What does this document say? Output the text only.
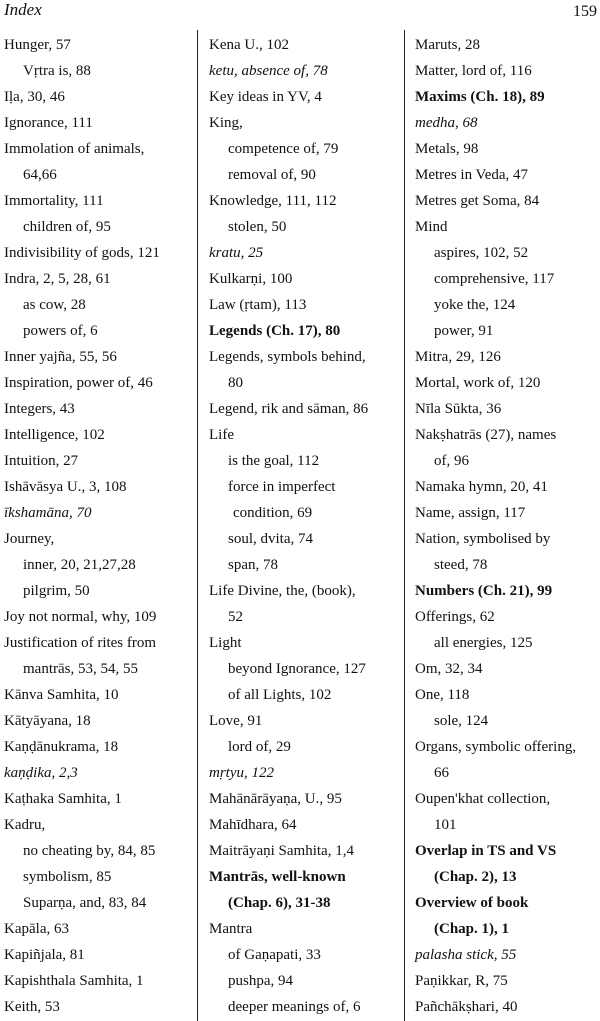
Index	159
Hunger, 57
Vṛtra is, 88
Iḷa, 30, 46
Ignorance, 111
Immolation of animals,
64,66
Immortality, 111
children of, 95
Indivisibility of gods, 121
Indra, 2, 5, 28, 61
as cow, 28
powers of, 6
Inner yajña, 55, 56
Inspiration, power of, 46
Integers, 43
Intelligence, 102
Intuition, 27
Ishāvāsya U., 3, 108
īkshamāna, 70
Journey,
inner, 20, 21,27,28
pilgrim, 50
Joy not normal, why, 109
Justification of rites from
mantrās, 53, 54, 55
Kānva Samhita, 10
Kātyāyana, 18
Kaṇḍānukrama, 18
kaṇḍika, 2,3
Kaṭhaka Samhita, 1
Kadru,
no cheating by, 84, 85
symbolism, 85
Suparṇa, and, 83, 84
Kapāla, 63
Kapiñjala, 81
Kapishthala Samhita, 1
Keith, 53
Kena U., 102
ketu, absence of, 78
Key ideas in YV, 4
King,
competence of, 79
removal of, 90
Knowledge, 111, 112
stolen, 50
kratu, 25
Kulkarṇi, 100
Law (ṛtam), 113
Legends (Ch. 17), 80
Legends, symbols behind,
80
Legend, rik and sāman, 86
Life
is the goal, 112
force in imperfect
condition, 69
soul, dvita, 74
span, 78
Life Divine, the, (book),
52
Light
beyond Ignorance, 127
of all Lights, 102
Love, 91
lord of, 29
mṛtyu, 122
Mahānārāyaṇa, U., 95
Mahīdhara, 64
Maitrāyaṇi Samhita, 1,4
Mantrās, well-known
(Chap. 6), 31-38
Mantra
of Gaṇapati, 33
pushpa, 94
deeper meanings of, 6
Maruts, 28
Matter, lord of, 116
Maxims (Ch. 18), 89
medha, 68
Metals, 98
Metres in Veda, 47
Metres get Soma, 84
Mind
aspires, 102, 52
comprehensive, 117
yoke the, 124
power, 91
Mitra, 29, 126
Mortal, work of, 120
Nīla Sūkta, 36
Nakṣhatrās (27), names
of, 96
Namaka hymn, 20, 41
Name, assign, 117
Nation, symbolised by
steed, 78
Numbers (Ch. 21), 99
Offerings, 62
all energies, 125
Om, 32, 34
One, 118
sole, 124
Organs, symbolic offering,
66
Oupen'khat collection,
101
Overlap in TS and VS
(Chap. 2), 13
Overview of book
(Chap. 1), 1
palasha stick, 55
Paṇikkar, R, 75
Pañchākṣhari, 40
